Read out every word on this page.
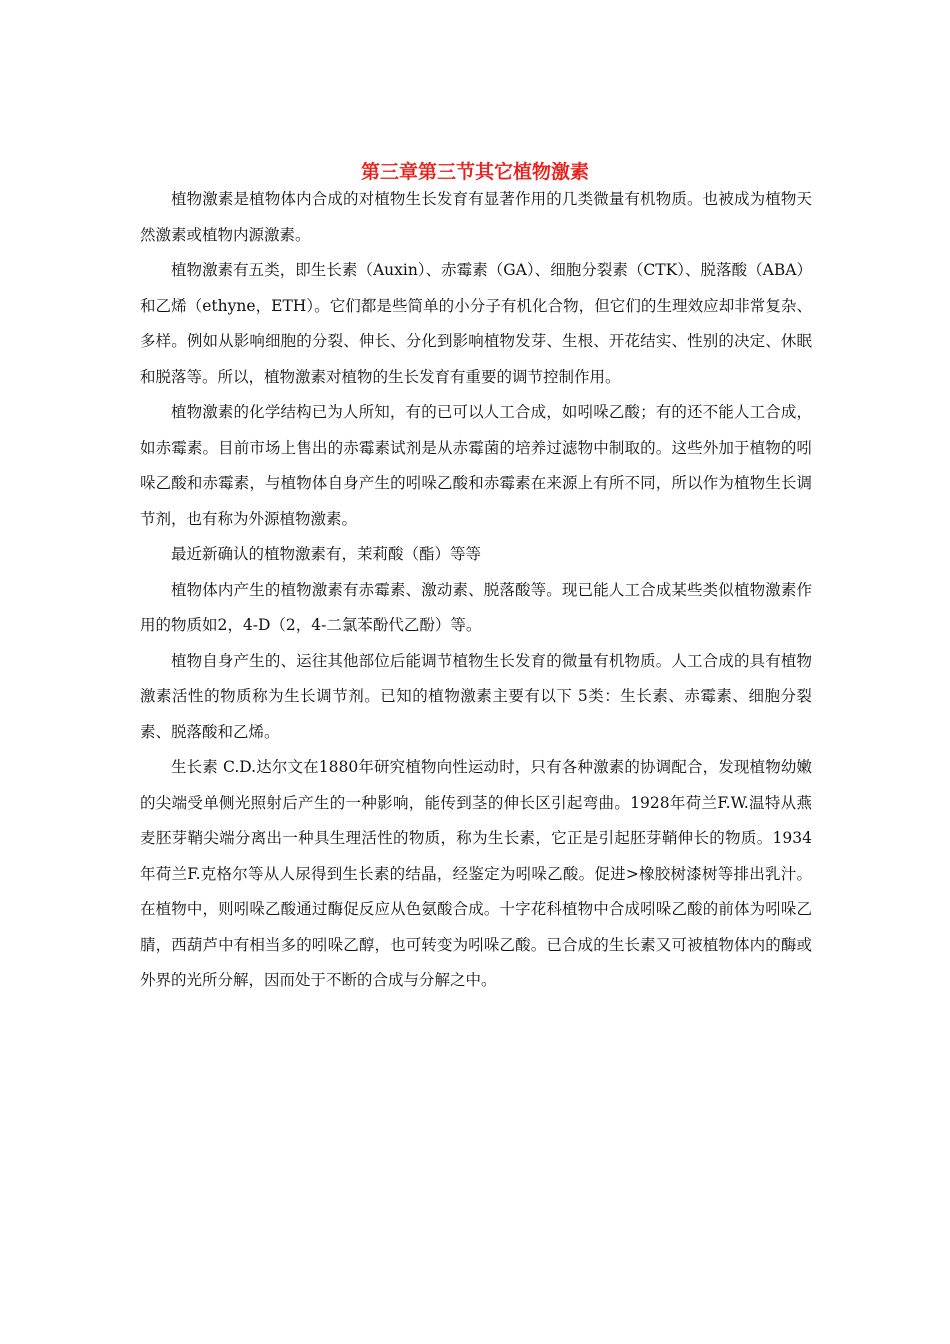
第三章第三节其它植物激素

植物激素是植物体内合成的对植物生长发育有显著作用的几类微量有机物质。也被成为植物天然激素或植物内源激素。

植物激素有五类，即生长素（Auxin）、赤霉素（GA）、细胞分裂素（CTK）、脱落酸（ABA）和乙烯（ethyne，ETH）。它们都是些简单的小分子有机化合物，但它们的生理效应却非常复杂、多样。例如从影响细胞的分裂、伸长、分化到影响植物发芽、生根、开花结实、性别的决定、休眠和脱落等。所以，植物激素对植物的生长发育有重要的调节控制作用。

植物激素的化学结构已为人所知，有的已可以人工合成，如吲哚乙酸；有的还不能人工合成，如赤霉素。目前市场上售出的赤霉素试剂是从赤霉菌的培养过滤物中制取的。这些外加于植物的吲哚乙酸和赤霉素，与植物体自身产生的吲哚乙酸和赤霉素在来源上有所不同，所以作为植物生长调节剂，也有称为外源植物激素。

最近新确认的植物激素有，茉莉酸（酯）等等

植物体内产生的植物激素有赤霉素、激动素、脱落酸等。现已能人工合成某些类似植物激素作用的物质如2，4-D（2，4-二氯苯酚代乙酚）等。

植物自身产生的、运往其他部位后能调节植物生长发育的微量有机物质。人工合成的具有植物激素活性的物质称为生长调节剂。已知的植物激素主要有以下 5类：生长素、赤霉素、细胞分裂素、脱落酸和乙烯。

生长素 C.D.达尔文在1880年研究植物向性运动时，只有各种激素的协调配合，发现植物幼嫩的尖端受单侧光照射后产生的一种影响，能传到茎的伸长区引起弯曲。1928年荷兰F.W.温特从燕麦胚芽鞘尖端分离出一种具生理活性的物质，称为生长素，它正是引起胚芽鞘伸长的物质。1934年荷兰F.克格尔等从人尿得到生长素的结晶，经鉴定为吲哚乙酸。促进>橡胶树漆树等排出乳汁。在植物中，则吲哚乙酸通过酶促反应从色氨酸合成。十字花科植物中合成吲哚乙酸的前体为吲哚乙腈，西葫芦中有相当多的吲哚乙醇，也可转变为吲哚乙酸。已合成的生长素又可被植物体内的酶或外界的光所分解，因而处于不断的合成与分解之中。
